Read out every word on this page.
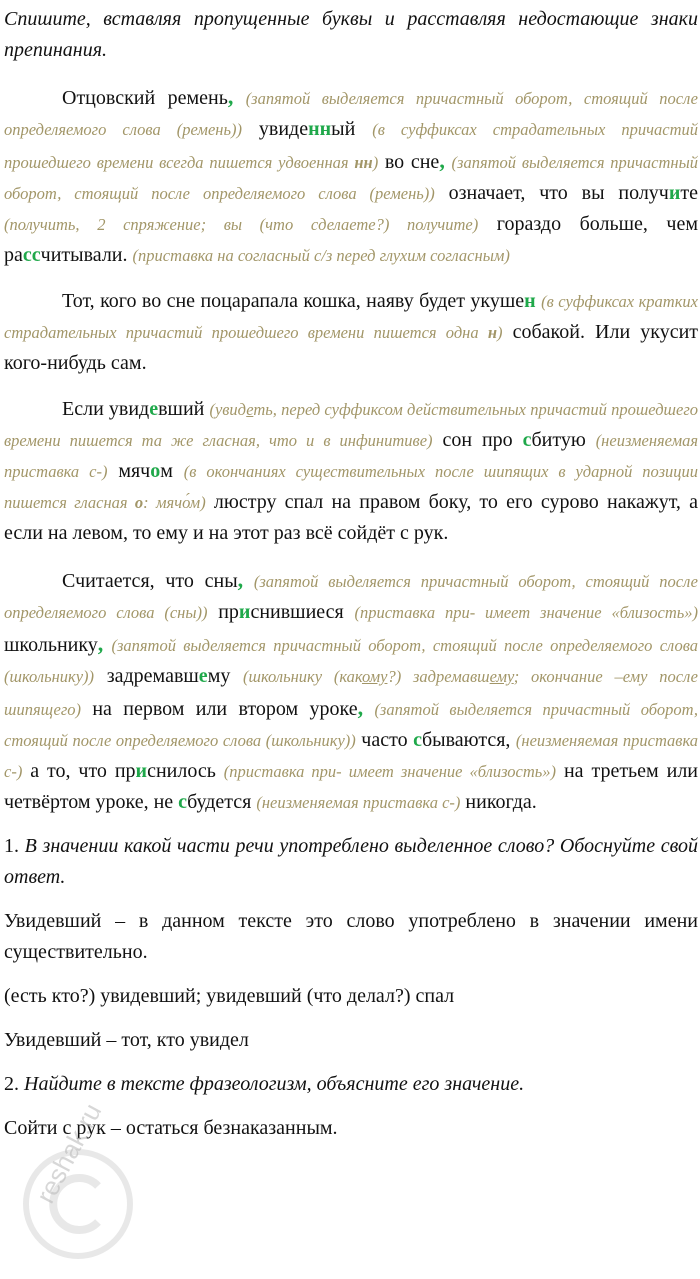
Спишите, вставляя пропущенные буквы и расставляя недостающие знаки препинания.

Отцовский ремень, (запятой выделяется причастный оборот, стоящий после определяемого слова (ремень)) увиденный (в суффиксах страдательных причастий прошедшего времени всегда пишется удвоенная нн) во сне, (запятой выделяется причастный оборот, стоящий после определяемого слова (ремень)) означает, что вы получите (получить, 2 спряжение; вы (что сделаете?) получите) гораздо больше, чем рассчитывали. (приставка на согласный с/з перед глухим согласным)

Тот, кого во сне поцарапала кошка, наяву будет укушен (в суффиксах кратких страдательных причастий прошедшего времени пишется одна н) собакой. Или укусит кого-нибудь сам.

Если увидевший (увидеть, перед суффиксом действительных причастий прошедшего времени пишется та же гласная, что и в инфинитиве) сон про сбитую (неизменяемая приставка с-) мячом (в окончаниях существительных после шипящих в ударной позиции пишется гласная о: мячо́м) люстру спал на правом боку, то его сурово накажут, а если на левом, то ему и на этот раз всё сойдёт с рук.

Считается, что сны, (запятой выделяется причастный оборот, стоящий после определяемого слова (сны)) приснившиеся (приставка при- имеет значение «близость») школьнику, (запятой выделяется причастный оборот, стоящий после определяемого слова (школьнику)) задремавшему (школьнику (какому?) задремавшему; окончание –ему после шипящего) на первом или втором уроке, (запятой выделяется причастный оборот, стоящий после определяемого слова (школьнику)) часто сбываются, (неизменяемая приставка с-) а то, что приснилось (приставка при- имеет значение «близость») на третьем или четвёртом уроке, не сбудется (неизменяемая приставка с-) никогда.

1. В значении какой части речи употреблено выделенное слово? Обоснуйте свой ответ.

Увидевший – в данном тексте это слово употреблено в значении имени существительно.

(есть кто?) увидевший; увидевший (что делал?) спал

Увидевший – тот, кто увидел

2. Найдите в тексте фразеологизм, объясните его значение.

Сойти с рук – остаться безнаказанным.

reshak.ru
